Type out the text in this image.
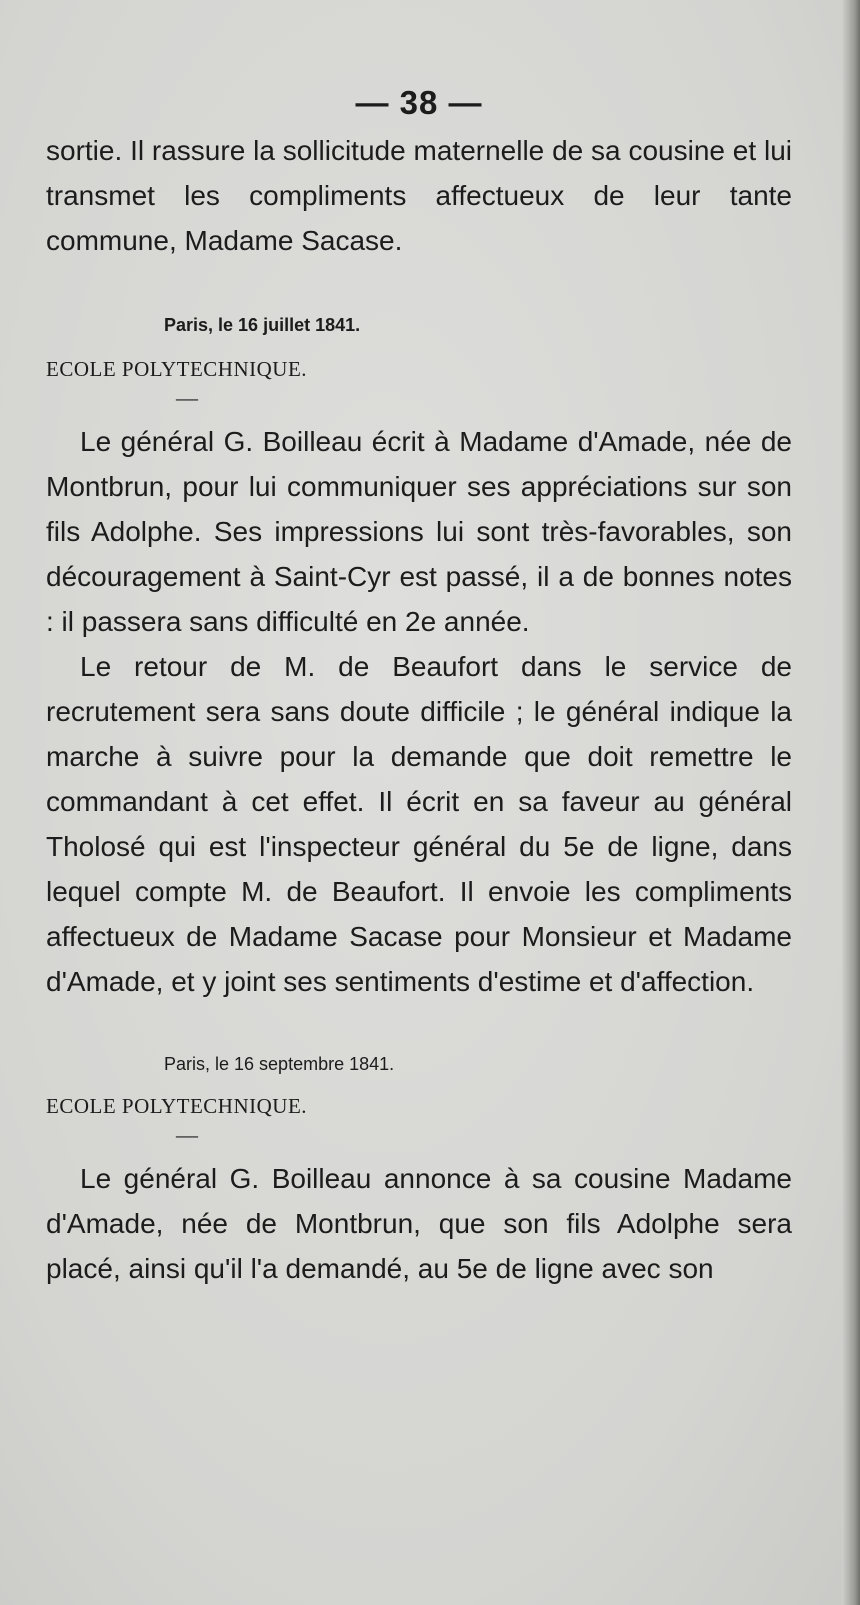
— 38 —

sortie. Il rassure la sollicitude maternelle de sa cousine et lui transmet les compliments affectueux de leur tante commune, Madame Sacase.

Paris, le 16 juillet 1841.

ECOLE POLYTECHNIQUE.

—

Le général G. Boilleau écrit à Madame d'Amade, née de Montbrun, pour lui communiquer ses appréciations sur son fils Adolphe. Ses impressions lui sont très-favorables, son découragement à Saint-Cyr est passé, il a de bonnes notes : il passera sans difficulté en 2e année.

Le retour de M. de Beaufort dans le service de recrutement sera sans doute difficile ; le général indique la marche à suivre pour la demande que doit remettre le commandant à cet effet. Il écrit en sa faveur au général Tholosé qui est l'inspecteur général du 5e de ligne, dans lequel compte M. de Beaufort. Il envoie les compliments affectueux de Madame Sacase pour Monsieur et Madame d'Amade, et y joint ses sentiments d'estime et d'affection.

Paris, le 16 septembre 1841.

ECOLE POLYTECHNIQUE.

—

Le général G. Boilleau annonce à sa cousine Madame d'Amade, née de Montbrun, que son fils Adolphe sera placé, ainsi qu'il l'a demandé, au 5e de ligne avec son
